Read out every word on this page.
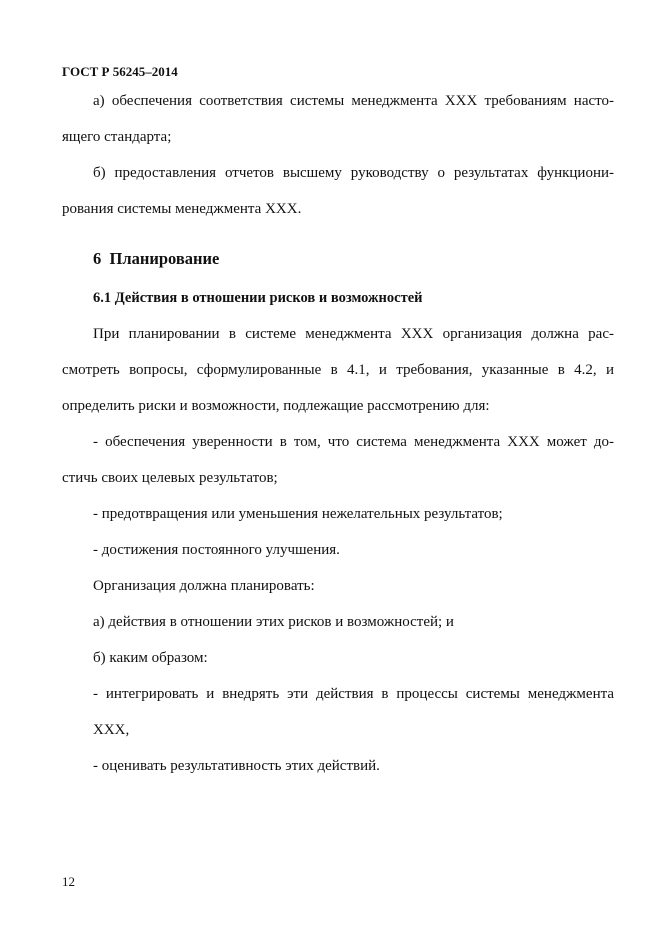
ГОСТ Р 56245–2014
а) обеспечения соответствия системы менеджмента XXX требованиям насто-
ящего стандарта;
б) предоставления отчетов высшему руководству о результатах функциони-
рования системы менеджмента XXX.
6  Планирование
6.1 Действия в отношении рисков и возможностей
При планировании в системе менеджмента XXX организация должна рас-
смотреть вопросы, сформулированные в 4.1, и требования, указанные в 4.2, и
определить риски и возможности, подлежащие рассмотрению для:
- обеспечения уверенности в том, что система менеджмента XXX может до-
стичь своих целевых результатов;
- предотвращения или уменьшения нежелательных результатов;
- достижения постоянного улучшения.
Организация должна планировать:
а) действия в отношении этих рисков и возможностей; и
б) каким образом:
- интегрировать и внедрять эти действия в процессы системы менеджмента
XXX,
- оценивать результативность этих действий.
12
